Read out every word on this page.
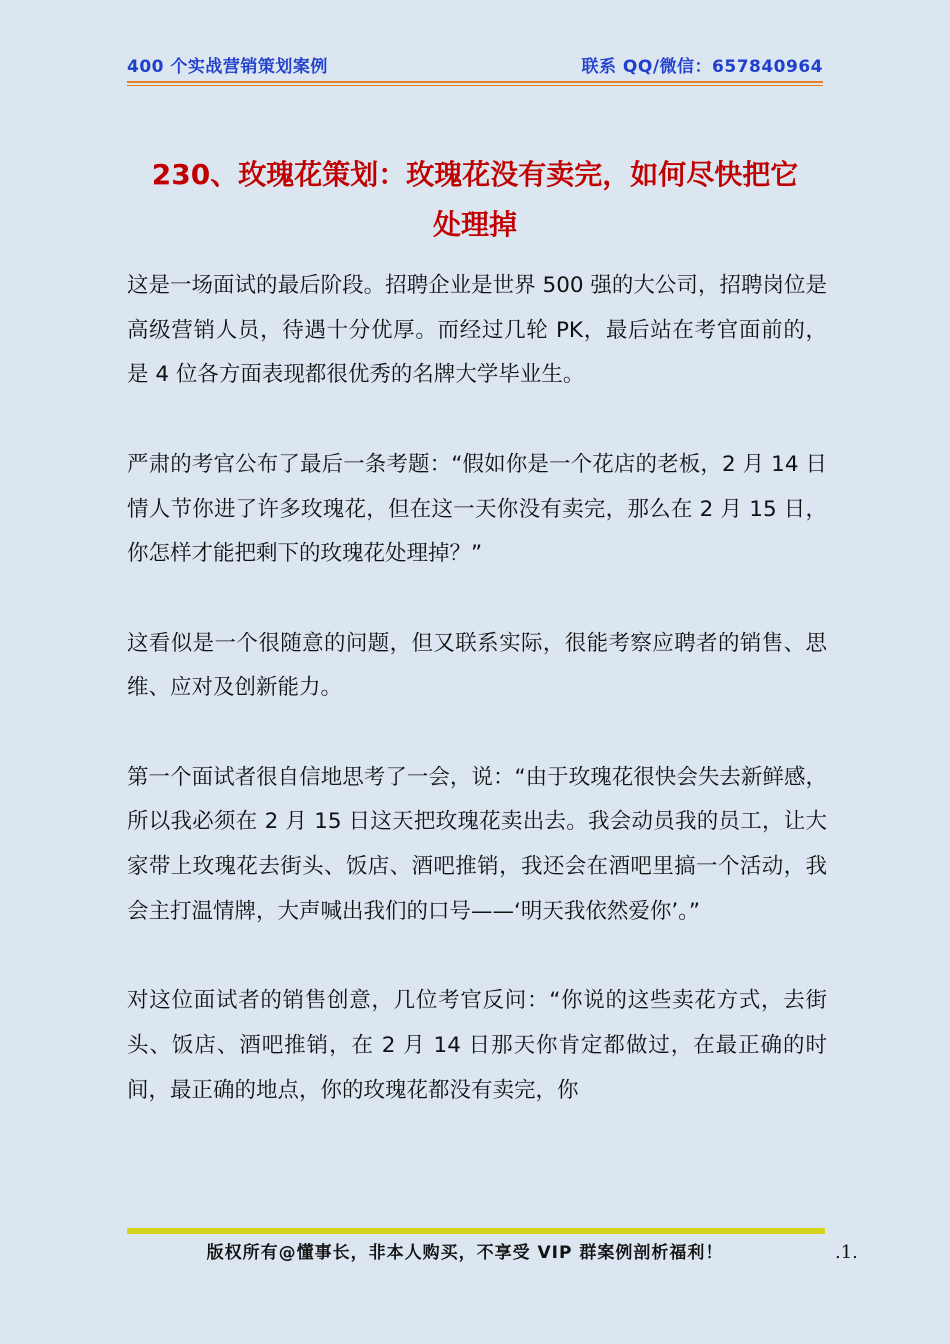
400 个实战营销策划案例	联系 QQ/微信：657840964
230、玫瑰花策划：玫瑰花没有卖完，如何尽快把它
处理掉

这是一场面试的最后阶段。招聘企业是世界 500 强的大公司，招聘岗位是高级营销人员，待遇十分优厚。而经过几轮 PK，最后站在考官面前的，是 4 位各方面表现都很优秀的名牌大学毕业生。

严肃的考官公布了最后一条考题：“假如你是一个花店的老板，2 月 14 日情人节你进了许多玫瑰花，但在这一天你没有卖完，那么在 2 月 15 日，你怎样才能把剩下的玫瑰花处理掉？”

这看似是一个很随意的问题，但又联系实际，很能考察应聘者的销售、思维、应对及创新能力。

第一个面试者很自信地思考了一会，说：“由于玫瑰花很快会失去新鲜感，所以我必须在 2 月 15 日这天把玫瑰花卖出去。我会动员我的员工，让大家带上玫瑰花去街头、饭店、酒吧推销，我还会在酒吧里搞一个活动，我会主打温情牌，大声喊出我们的口号——‘明天我依然爱你’。”

对这位面试者的销售创意，几位考官反问：“你说的这些卖花方式，去街头、饭店、酒吧推销，在 2 月 14 日那天你肯定都做过，在最正确的时间，最正确的地点，你的玫瑰花都没有卖完，你

版权所有@懂事长，非本人购买，不享受 VIP 群案例剖析福利！	.1.
